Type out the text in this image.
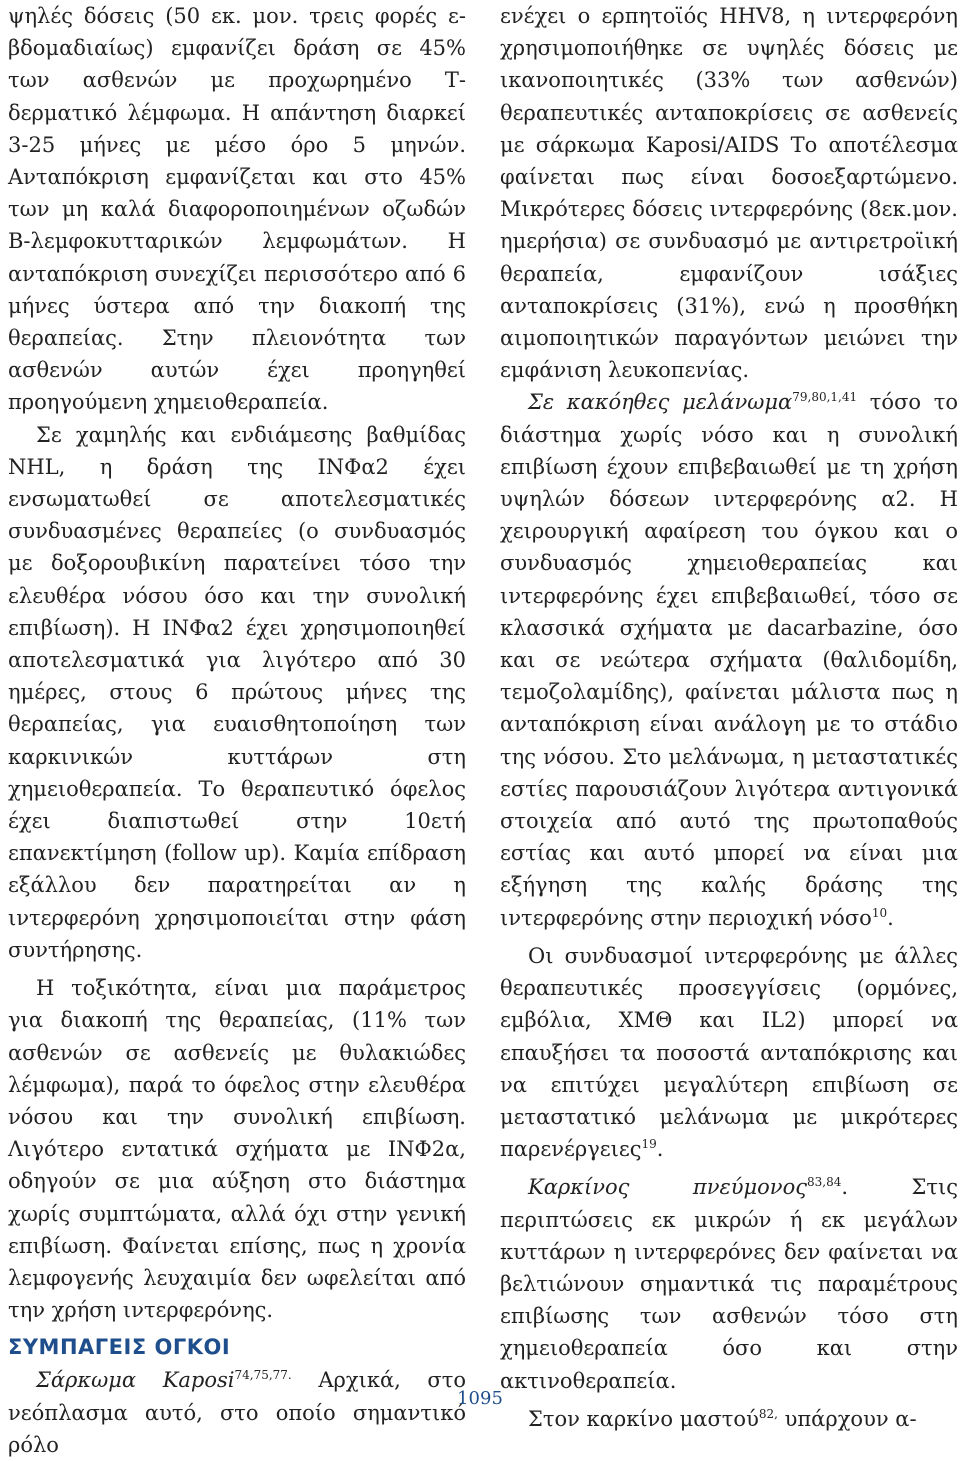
ψηλές δόσεις (50 εκ. μον. τρεις φορές ε-βδομαδιαίως) εμφανίζει δράση σε 45% των ασθενών με προχωρημένο Τ-δερματικό λέμφωμα. Η απάντηση διαρκεί 3-25 μήνες με μέσο όρο 5 μηνών. Ανταπόκριση εμφανίζεται και στο 45% των μη καλά διαφοροποιημένων οζωδών Β-λεμφοκυτταρικών λεμφωμάτων. Η ανταπόκριση συνεχίζει περισσότερο από 6 μήνες ύστερα από την διακοπή της θεραπείας. Στην πλειονότητα των ασθενών αυτών έχει προηγηθεί προηγούμενη χημειοθεραπεία.

Σε χαμηλής και ενδιάμεσης βαθμίδας NHL, η δράση της ΙΝΦα2 έχει ενσωματωθεί σε αποτελεσματικές συνδυασμένες θεραπείες (ο συνδυασμός με δοξορουβικίνη παρατείνει τόσο την ελευθέρα νόσου όσο και την συνολική επιβίωση). Η ΙΝΦα2 έχει χρησιμοποιηθεί αποτελεσματικά για λιγότερο από 30 ημέρες, στους 6 πρώτους μήνες της θεραπείας, για ευαισθητοποίηση των καρκινικών κυττάρων στη χημειοθεραπεία. Το θεραπευτικό όφελος έχει διαπιστωθεί στην 10ετή επανεκτίμηση (follow up). Καμία επίδραση εξάλλου δεν παρατηρείται αν η ιντερφερόνη χρησιμοποιείται στην φάση συντήρησης.

Η τοξικότητα, είναι μια παράμετρος για διακοπή της θεραπείας, (11% των ασθενών σε ασθενείς με θυλακιώδες λέμφωμα), παρά το όφελος στην ελευθέρα νόσου και την συνολική επιβίωση. Λιγότερο εντατικά σχήματα με ΙΝΦ2α, οδηγούν σε μια αύξηση στο διάστημα χωρίς συμπτώματα, αλλά όχι στην γενική επιβίωση. Φαίνεται επίσης, πως η χρονία λεμφογενής λευχαιμία δεν ωφελείται από την χρήση ιντερφερόνης.

ΣΥΜΠΑΓΕΙΣ ΟΓΚΟΙ

Σάρκωμα Kaposi$^{74,75,77.}$ Αρχικά, στο νεόπλασμα αυτό, στο οποίο σημαντικό ρόλο

ενέχει ο ερπητοϊός HHV8, η ιντερφερόνη χρησιμοποιήθηκε σε υψηλές δόσεις με ικανοποιητικές (33% των ασθενών) θεραπευτικές ανταποκρίσεις σε ασθενείς με σάρκωμα Kaposi/AIDS Το αποτέλεσμα φαίνεται πως είναι δοσοεξαρτώμενο. Μικρότερες δόσεις ιντερφερόνης (8εκ.μον. ημερήσια) σε συνδυασμό με αντιρετροϊική θεραπεία, εμφανίζουν ισάξιες ανταποκρίσεις (31%), ενώ η προσθήκη αιμοποιητικών παραγόντων μειώνει την εμφάνιση λευκοπενίας.

Σε κακόηθες μελάνωμα$^{79,80,1,41}$ τόσο το διάστημα χωρίς νόσο και η συνολική επιβίωση έχουν επιβεβαιωθεί με τη χρήση υψηλών δόσεων ιντερφερόνης α2. Η χειρουργική αφαίρεση του όγκου και ο συνδυασμός χημειοθεραπείας και ιντερφερόνης έχει επιβεβαιωθεί, τόσο σε κλασσικά σχήματα με dacarbazine, όσο και σε νεώτερα σχήματα (θαλιδομίδη, τεμοζολαμίδης), φαίνεται μάλιστα πως η ανταπόκριση είναι ανάλογη με το στάδιο της νόσου. Στο μελάνωμα, η μεταστατικές εστίες παρουσιάζουν λιγότερα αντιγονικά στοιχεία από αυτό της πρωτοπαθούς εστίας και αυτό μπορεί να είναι μια εξήγηση της καλής δράσης της ιντερφερόνης στην περιοχική νόσο$^{10}$.

Οι συνδυασμοί ιντερφερόνης με άλλες θεραπευτικές προσεγγίσεις (ορμόνες, εμβόλια, ΧΜΘ και IL2) μπορεί να επαυξήσει τα ποσοστά ανταπόκρισης και να επιτύχει μεγαλύτερη επιβίωση σε μεταστατικό μελάνωμα με μικρότερες παρενέργειες$^{19}$.

Καρκίνος πνεύμονος$^{83,84}$. Στις περιπτώσεις εκ μικρών ή εκ μεγάλων κυττάρων η ιντερφερόνες δεν φαίνεται να βελτιώνουν σημαντικά τις παραμέτρους επιβίωσης των ασθενών τόσο στη χημειοθεραπεία όσο και στην ακτινοθεραπεία.

Στον καρκίνο μαστού$^{82,}$ υπάρχουν α-

1095
